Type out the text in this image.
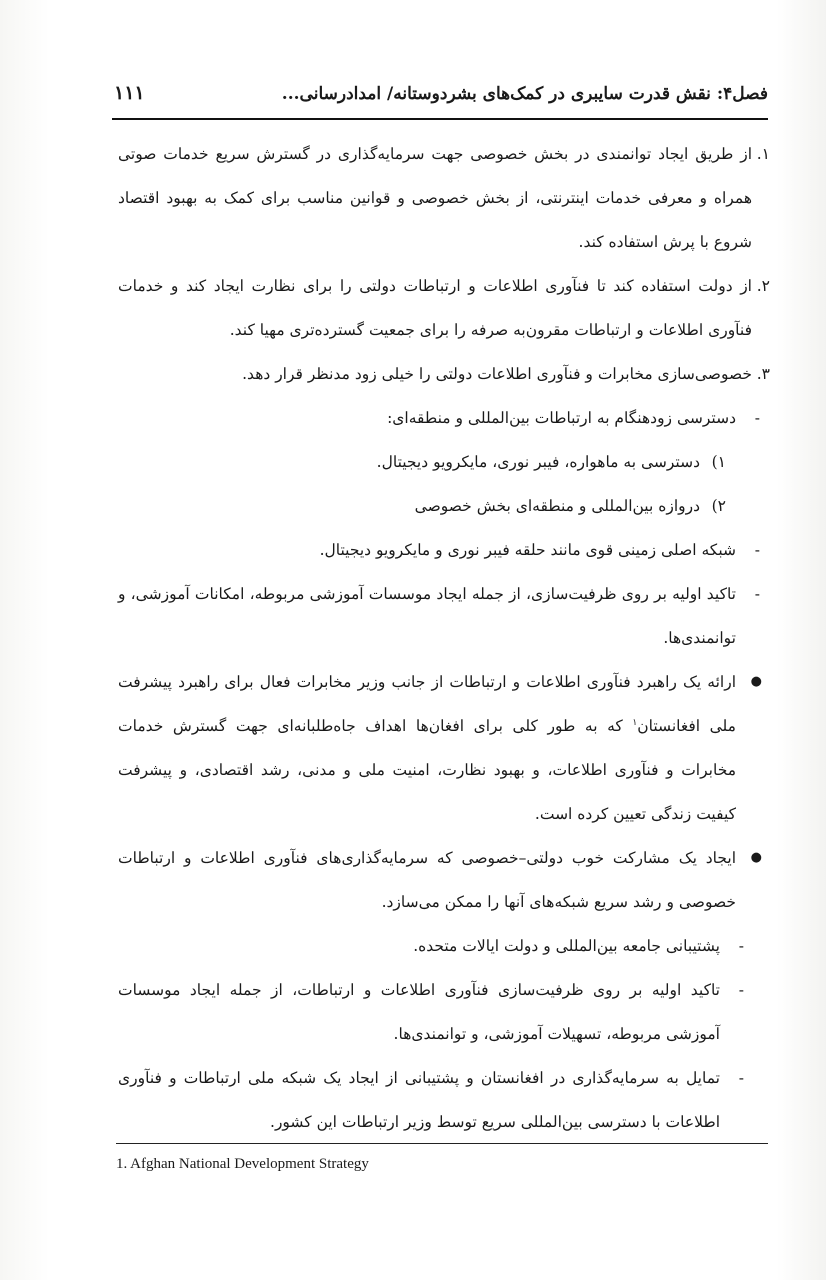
فصل۴: نقش قدرت سایبری در کمک‌های بشردوستانه/ امدادرسانی...
۱۱۱

۱.
از طریق ایجاد توانمندی در بخش خصوصی جهت سرمایه‌گذاری در گسترش سریع خدمات صوتی همراه و معرفی خدمات اینترنتی، از بخش خصوصی و قوانین مناسب برای کمک به بهبود اقتصاد شروع با پرش استفاده کند.

۲.
از دولت استفاده کند تا فنآوری اطلاعات و ارتباطات دولتی را برای نظارت ایجاد کند و خدمات فنآوری اطلاعات و ارتباطات مقرون‌به صرفه را برای جمعیت گسترده‌تری مهیا کند.

۳.
خصوصی‌سازی مخابرات و فنآوری اطلاعات دولتی را خیلی زود مدنظر قرار دهد.

-
دسترسی زودهنگام به ارتباطات بین‌المللی و منطقه‌ای:

۱)
دسترسی به ماهواره، فیبر نوری، مایکرویو دیجیتال.

۲)
دروازه بین‌المللی و منطقه‌ای بخش خصوصی

-
شبکه اصلی زمینی قوی مانند حلقه فیبر نوری و مایکرویو دیجیتال.

-
تاکید اولیه بر روی ظرفیت‌سازی، از جمله ایجاد موسسات آموزشی مربوطه، امکانات آموزشی، و توانمندی‌ها.

●
ارائه یک راهبرد فنآوری اطلاعات و ارتباطات از جانب وزیر مخابرات فعال برای راهبرد پیشرفت ملی افغانستان$^۱$ که به طور کلی برای افغان‌ها اهداف جاه‌طلبانه‌ای جهت گسترش خدمات مخابرات و فنآوری اطلاعات، و بهبود نظارت، امنیت ملی و مدنی، رشد اقتصادی، و پیشرفت کیفیت زندگی تعیین کرده است.

●
ایجاد یک مشارکت خوب دولتی–خصوصی که سرمایه‌گذاری‌های فنآوری اطلاعات و ارتباطات خصوصی و رشد سریع شبکه‌های آنها را ممکن می‌سازد.

-
پشتیبانی جامعه بین‌المللی و دولت ایالات متحده.

-
تاکید اولیه بر روی ظرفیت‌سازی فنآوری اطلاعات و ارتباطات، از جمله ایجاد موسسات آموزشی مربوطه، تسهیلات آموزشی، و توانمندی‌ها.

-
تمایل به سرمایه‌گذاری در افغانستان و پشتیبانی از ایجاد یک شبکه ملی ارتباطات و فنآوری اطلاعات با دسترسی بین‌المللی سریع توسط وزیر ارتباطات این کشور.

1. Afghan National Development Strategy
